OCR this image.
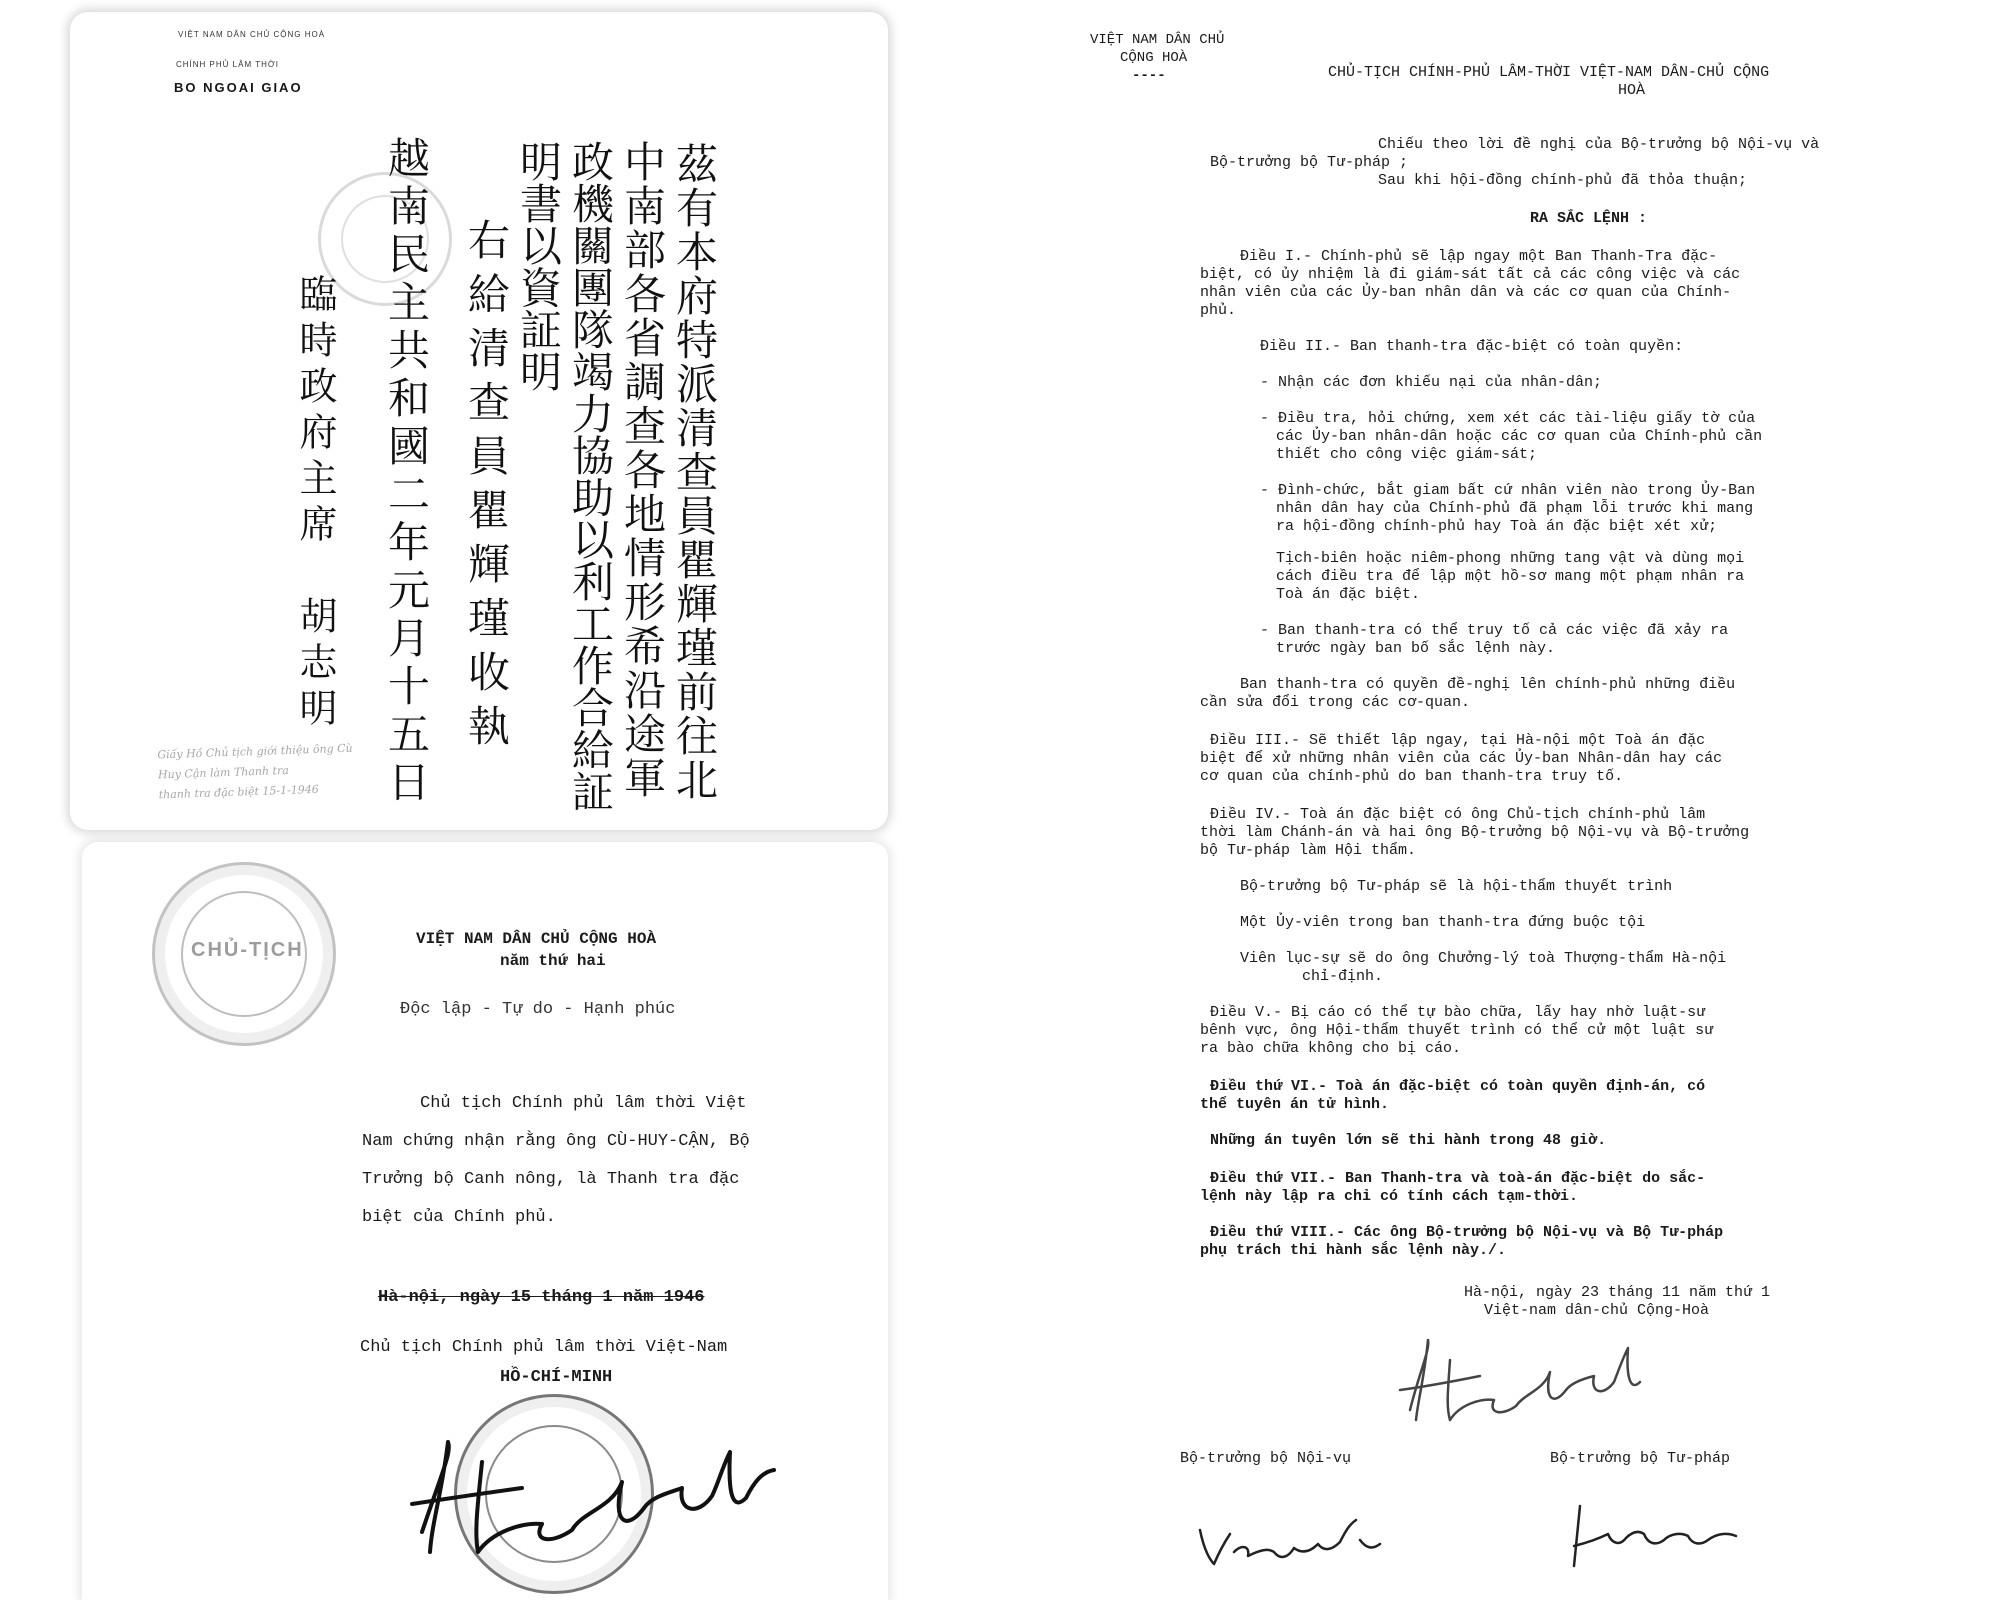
VIỆT NAM DÂN CHỦ CỘNG HOÀ
CHÍNH PHỦ LÂM THỜI
BO NGOAI GIAO
茲有本府特派清查員瞿輝瑾前往北
中南部各省調查各地情形希沿途軍
政機關團隊竭力協助以利工作合給証
明書以資証明
右給清查員瞿輝瑾收執
越南民主共和國二年元月十五日
臨時政府主席　胡志明
Giấy Hồ Chủ tịch giới thiệu ông Cù
Huy Cận làm Thanh tra
thanh tra đặc biệt 15-1-1946
CHỦ-TỊCH	VIỆT NAM DÂN CHỦ CỘNG HOÀ
năm thứ hai
Độc lập - Tự do - Hạnh phúc
Chủ tịch Chính phủ lâm thời Việt
Nam chứng nhận rằng ông CÙ-HUY-CẬN, Bộ
Trưởng bộ Canh nông, là Thanh tra đặc
biệt của Chính phủ.
Hà-nội, ngày 15 tháng 1 năm 1946
Chủ tịch Chính phủ lâm thời Việt-Nam
HỒ-CHÍ-MINH
VIỆT NAM DÂN CHỦ
CỘNG HOÀ
----	CHỦ-TỊCH CHÍNH-PHỦ LÂM-THỜI VIỆT-NAM DÂN-CHỦ CỘNG
HOÀ
Chiếu theo lời đề nghị của Bộ-trưởng bộ Nội-vụ và
Bộ-trưởng bộ Tư-pháp ;
Sau khi hội-đồng chính-phủ đã thỏa thuận;
RA SẮC LỆNH :
Điều I.- Chính-phủ sẽ lập ngay một Ban Thanh-Tra đặc-
biệt, có ủy nhiệm là đi giám-sát tất cả các công việc và các
nhân viên của các Ủy-ban nhân dân và các cơ quan của Chính-
phủ.
Điều II.- Ban thanh-tra đặc-biệt có toàn quyền:
- Nhận các đơn khiếu nại của nhân-dân;
- Điều tra, hỏi chứng, xem xét các tài-liệu giấy tờ của
các Ủy-ban nhân-dân hoặc các cơ quan của Chính-phủ cần
thiết cho công việc giám-sát;
- Đình-chức, bắt giam bất cứ nhân viên nào trong Ủy-Ban
nhân dân hay của Chính-phủ đã phạm lỗi trước khi mang
ra hội-đồng chính-phủ hay Toà án đặc biệt xét xử;
Tịch-biên hoặc niêm-phong những tang vật và dùng mọi
cách điều tra để lập một hồ-sơ mang một phạm nhân ra
Toà án đặc biệt.
- Ban thanh-tra có thể truy tố cả các việc đã xảy ra
trước ngày ban bố sắc lệnh này.
Ban thanh-tra có quyền đề-nghị lên chính-phủ những điều
cần sửa đổi trong các cơ-quan.
Điều III.- Sẽ thiết lập ngay, tại Hà-nội một Toà án đặc
biệt để xử những nhân viên của các Ủy-ban Nhân-dân hay các
cơ quan của chính-phủ do ban thanh-tra truy tố.
Điều IV.- Toà án đặc biệt có ông Chủ-tịch chính-phủ lâm
thời làm Chánh-án và hai ông Bộ-trưởng bộ Nội-vụ và Bộ-trưởng
bộ Tư-pháp làm Hội thẩm.
Bộ-trưởng bộ Tư-pháp sẽ là hội-thẩm thuyết trình
Một Ủy-viên trong ban thanh-tra đứng buộc tội
Viên lục-sự sẽ do ông Chưởng-lý toà Thượng-thẩm Hà-nội
chỉ-định.
Điều V.- Bị cáo có thể tự bào chữa, lấy hay nhờ luật-sư
bênh vực, ông Hội-thẩm thuyết trình có thể cử một luật sư
ra bào chữa không cho bị cáo.
Điều thứ VI.- Toà án đặc-biệt có toàn quyền định-án, có
thể tuyên án tử hình.
Những án tuyên lớn sẽ thi hành trong 48 giờ.
Điều thứ VII.- Ban Thanh-tra và toà-án đặc-biệt do sắc-
lệnh này lập ra chỉ có tính cách tạm-thời.
Điều thứ VIII.- Các ông Bộ-trưởng bộ Nội-vụ và Bộ Tư-pháp
phụ trách thi hành sắc lệnh này./.
Hà-nội, ngày 23 tháng 11 năm thứ 1
Việt-nam dân-chủ Cộng-Hoà
Bộ-trưởng bộ Nội-vụ	Bộ-trưởng bộ Tư-pháp
